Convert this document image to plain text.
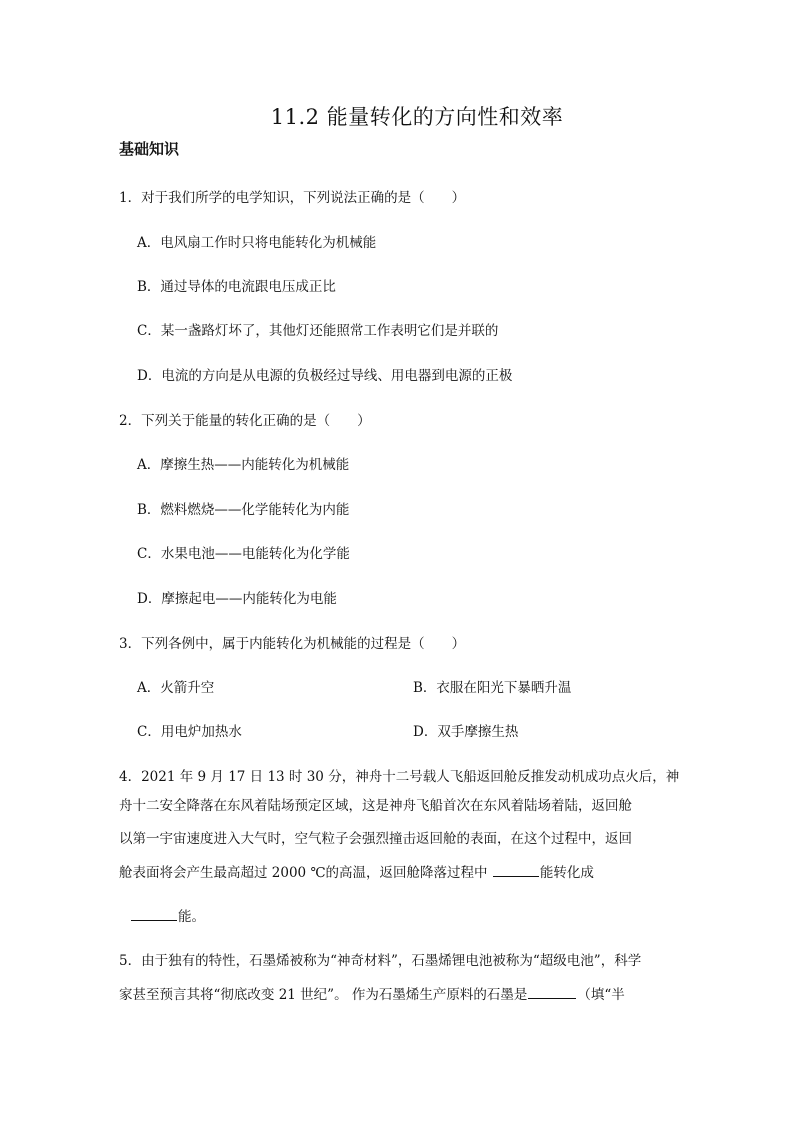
11.2 能量转化的方向性和效率
基础知识
1．对于我们所学的电学知识，下列说法正确的是（　　）
A．电风扇工作时只将电能转化为机械能
B．通过导体的电流跟电压成正比
C．某一盏路灯坏了，其他灯还能照常工作表明它们是并联的
D．电流的方向是从电源的负极经过导线、用电器到电源的正极
2．下列关于能量的转化正确的是（　　）
A．摩擦生热——内能转化为机械能
B．燃料燃烧——化学能转化为内能
C．水果电池——电能转化为化学能
D．摩擦起电——内能转化为电能
3．下列各例中，属于内能转化为机械能的过程是（　　）
A．火箭升空	B．衣服在阳光下暴晒升温
C．用电炉加热水	D．双手摩擦生热
4．2021 年 9 月 17 日 13 时 30 分，神舟十二号载人飞船返回舱反推发动机成功点火后，神
舟十二安全降落在东风着陆场预定区域，这是神舟飞船首次在东风着陆场着陆，返回舱
以第一宇宙速度进入大气时，空气粒子会强烈撞击返回舱的表面，在这个过程中，返回
舱表面将会产生最高超过 2000 ℃的高温，返回舱降落过程中	能转化成
能。
5．由于独有的特性，石墨烯被称为“神奇材料”，石墨烯锂电池被称为“超级电池”，科学
家甚至预言其将“彻底改变 21 世纪”。 作为石墨烯生产原料的石墨是	（填“半
